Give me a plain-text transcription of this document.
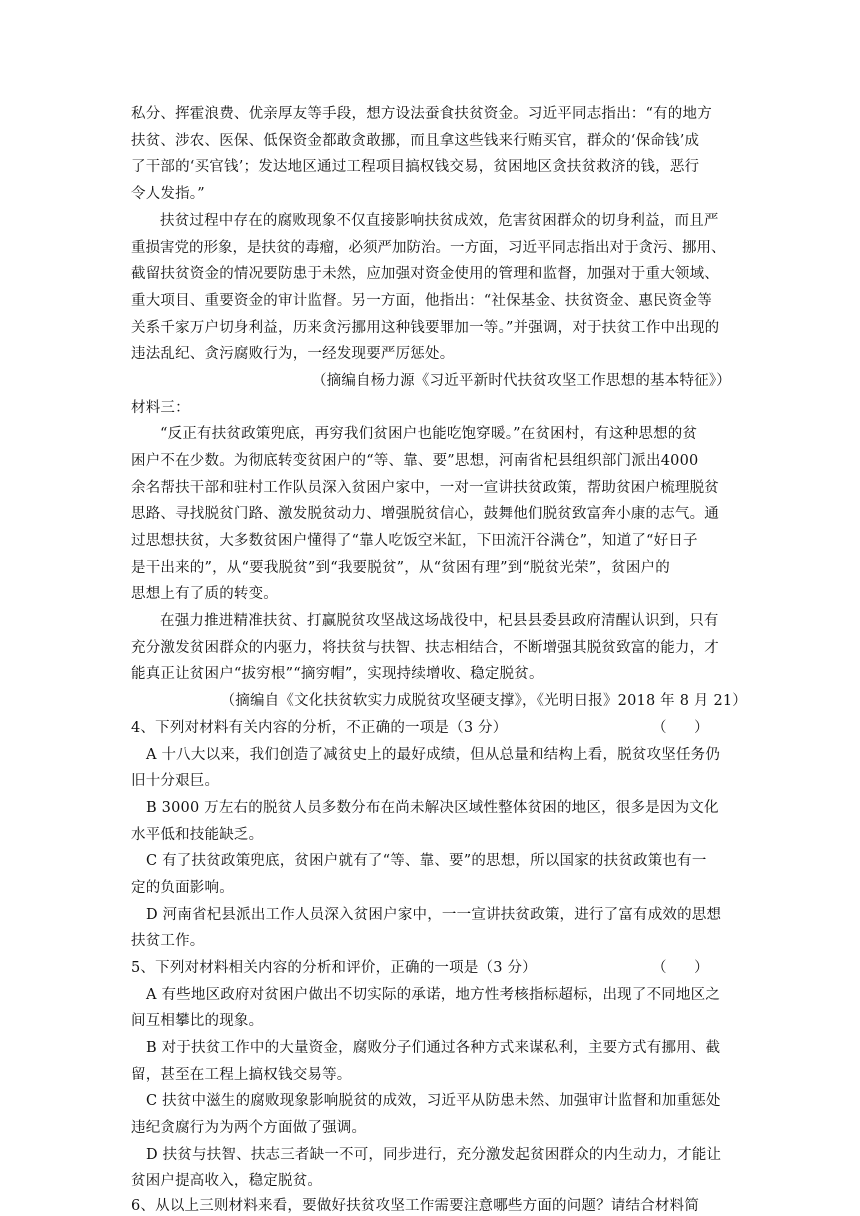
私分、挥霍浪费、优亲厚友等手段，想方设法蚕食扶贫资金。习近平同志指出：“有的地方
扶贫、涉农、医保、低保资金都敢贪敢挪，而且拿这些钱来行贿买官，群众的‘保命钱’成
了干部的‘买官钱’；发达地区通过工程项目搞权钱交易，贫困地区贪扶贫救济的钱，恶行
令人发指。”
扶贫过程中存在的腐败现象不仅直接影响扶贫成效，危害贫困群众的切身利益，而且严
重损害党的形象，是扶贫的毒瘤，必须严加防治。一方面，习近平同志指出对于贪污、挪用、
截留扶贫资金的情况要防患于未然，应加强对资金使用的管理和监督，加强对于重大领域、
重大项目、重要资金的审计监督。另一方面，他指出：“社保基金、扶贫资金、惠民资金等
关系千家万户切身利益，历来贪污挪用这种钱要罪加一等。”并强调，对于扶贫工作中出现的
违法乱纪、贪污腐败行为，一经发现要严厉惩处。
（摘编自杨力源《习近平新时代扶贫攻坚工作思想的基本特征》）
材料三：
“反正有扶贫政策兜底，再穷我们贫困户也能吃饱穿暖。”在贫困村，有这种思想的贫
困户不在少数。为彻底转变贫困户的“等、靠、要”思想，河南省杞县组织部门派出4000
余名帮扶干部和驻村工作队员深入贫困户家中，一对一宣讲扶贫政策，帮助贫困户梳理脱贫
思路、寻找脱贫门路、激发脱贫动力、增强脱贫信心，鼓舞他们脱贫致富奔小康的志气。通
过思想扶贫，大多数贫困户懂得了“靠人吃饭空米缸，下田流汗谷满仓”，知道了“好日子
是干出来的”，从“要我脱贫”到“我要脱贫”，从“贫困有理”到“脱贫光荣”，贫困户的
思想上有了质的转变。
在强力推进精准扶贫、打赢脱贫攻坚战这场战役中，杞县县委县政府清醒认识到，只有
充分激发贫困群众的内驱力，将扶贫与扶智、扶志相结合，不断增强其脱贫致富的能力，才
能真正让贫困户“拔穷根”“摘穷帽”，实现持续增收、稳定脱贫。
（摘编自《文化扶贫软实力成脱贫攻坚硬支撑》，《光明日报》2018 年 8 月 21）
4、下列对材料有关内容的分析，不正确的一项是（3 分）	（      ）
A 十八大以来，我们创造了减贫史上的最好成绩，但从总量和结构上看，脱贫攻坚任务仍
旧十分艰巨。
B 3000 万左右的脱贫人员多数分布在尚未解决区域性整体贫困的地区，很多是因为文化
水平低和技能缺乏。
C 有了扶贫政策兜底，贫困户就有了“等、靠、要”的思想，所以国家的扶贫政策也有一
定的负面影响。
D 河南省杞县派出工作人员深入贫困户家中，一一宣讲扶贫政策，进行了富有成效的思想
扶贫工作。
5、下列对材料相关内容的分析和评价，正确的一项是（3 分）	（      ）
A 有些地区政府对贫困户做出不切实际的承诺，地方性考核指标超标，出现了不同地区之
间互相攀比的现象。
B 对于扶贫工作中的大量资金，腐败分子们通过各种方式来谋私利，主要方式有挪用、截
留，甚至在工程上搞权钱交易等。
C 扶贫中滋生的腐败现象影响脱贫的成效，习近平从防患未然、加强审计监督和加重惩处
违纪贪腐行为为两个方面做了强调。
D 扶贫与扶智、扶志三者缺一不可，同步进行，充分激发起贫困群众的内生动力，才能让
贫困户提高收入，稳定脱贫。
6、从以上三则材料来看，要做好扶贫攻坚工作需要注意哪些方面的问题？请结合材料简
